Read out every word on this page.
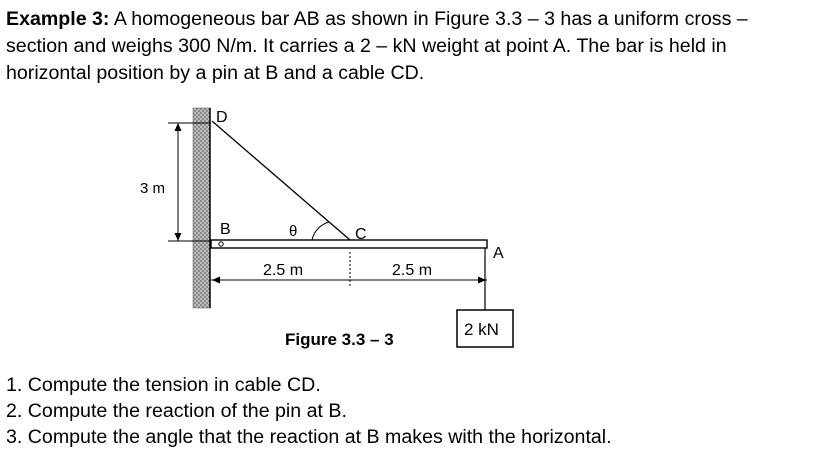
Example 3: A homogeneous bar AB as shown in Figure 3.3 – 3 has a uniform cross –
section and weighs 300 N/m. It carries a 2 – kN weight at point A. The bar is held in
horizontal position by a pin at B and a cable CD.
3 m
D
B	θ	C
A
2.5 m	2.5 m
2 kN
Figure 3.3 – 3
1. Compute the tension in cable CD.
2. Compute the reaction of the pin at B.
3. Compute the angle that the reaction at B makes with the horizontal.
